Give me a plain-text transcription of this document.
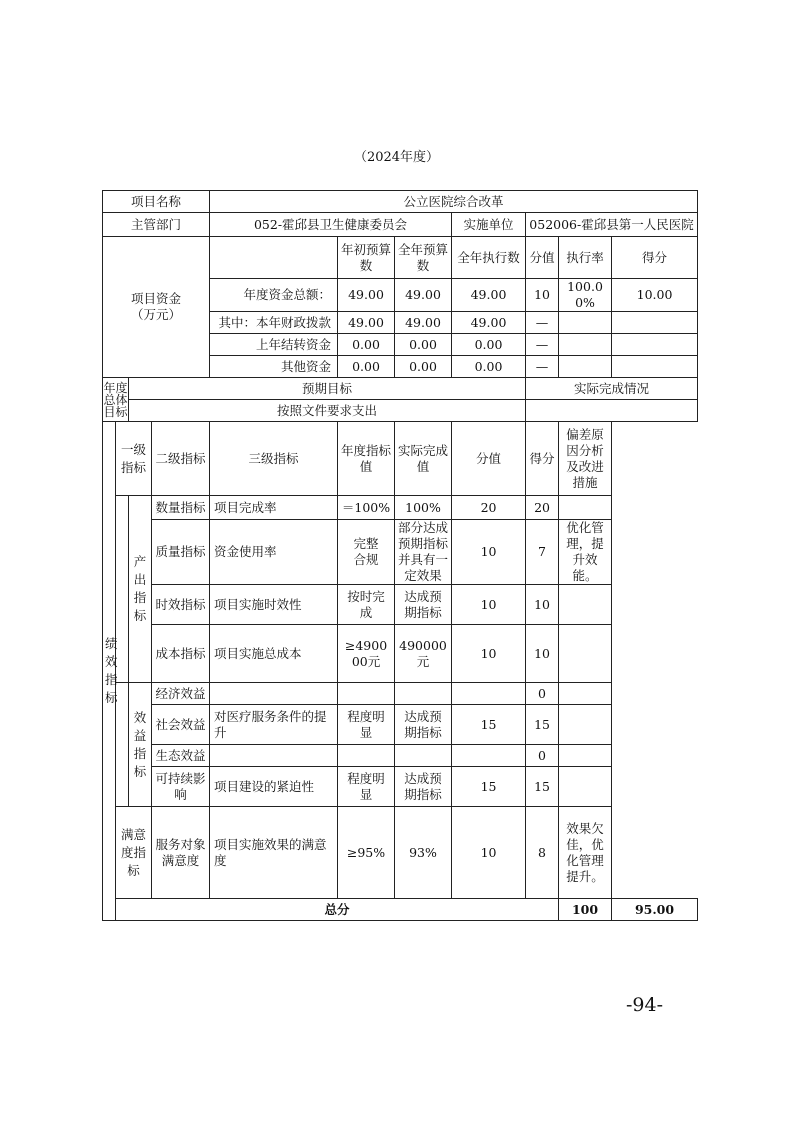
（2024年度）
项目名称				公立医院综合改革							
主管部门				052-霍邱县卫生健康委员会			实施单位	052006-霍邱县第一人民医院			
项目资金（万元）					年初预算数	全年预算数	全年执行数	分值	执行率	得分	
				年度资金总额：	49.00	49.00	49.00	10	100.00%	10.00	
				其中：本年财政拨款	49.00	49.00	49.00	—			
				上年结转资金	0.00	0.00	0.00	—			
				其他资金	0.00	0.00	0.00	—			
年度总体目标		预期目标						实际完成情况			
		按照文件要求支出									
绩效指标	一级指标		二级指标	三级指标	年度指标值	实际完成值	分值	得分	偏差原因分析及改进措施		
		产出指标	数量指标	项目完成率	＝100%	100%	20	20			
			质量指标	资金使用率	完整合规	部分达成预期指标并具有一定效果	10	7	优化管理，提升效能。		
			时效指标	项目实施时效性	按时完成	达成预期指标	10	10			
			成本指标	项目实施总成本	≥490000元	490000元	10	10			
		效益指标	经济效益					0			
			社会效益	对医疗服务条件的提升	程度明显	达成预期指标	15	15			
			生态效益					0			
			可持续影响	项目建设的紧迫性	程度明显	达成预期指标	15	15			
	满意度指标		服务对象满意度	项目实施效果的满意度	≥95%	93%	10	8	效果欠佳，优化管理提升。		
	总分								100	95.00	
-94-
